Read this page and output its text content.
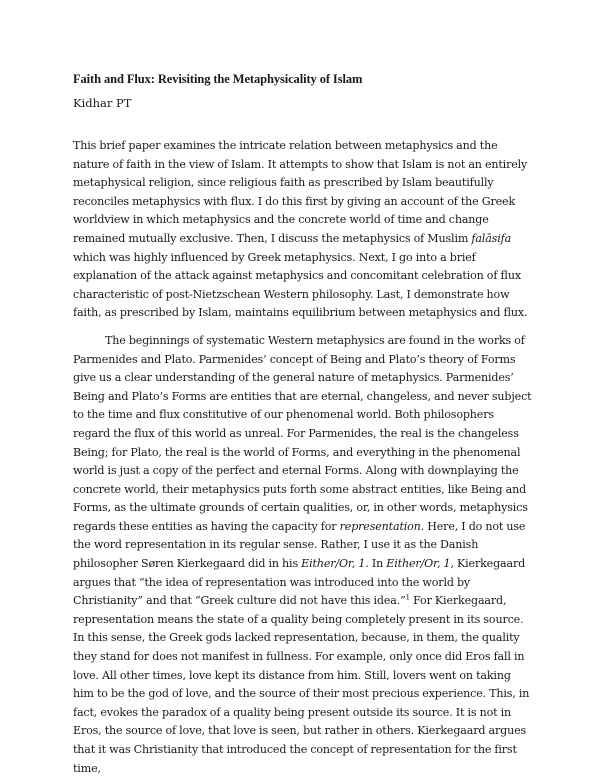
Faith and Flux: Revisiting the Metaphysicality of Islam
Kidhar PT

This brief paper examines the intricate relation between metaphysics and the nature of faith in the view of Islam. It attempts to show that Islam is not an entirely metaphysical religion, since religious faith as prescribed by Islam beautifully reconciles metaphysics with flux. I do this first by giving an account of the Greek worldview in which metaphysics and the concrete world of time and change remained mutually exclusive. Then, I discuss the metaphysics of Muslim falāsifa which was highly influenced by Greek metaphysics. Next, I go into a brief explanation of the attack against metaphysics and concomitant celebration of flux characteristic of post-Nietzschean Western philosophy. Last, I demonstrate how faith, as prescribed by Islam, maintains equilibrium between metaphysics and flux.

The beginnings of systematic Western metaphysics are found in the works of Parmenides and Plato. Parmenides’ concept of Being and Plato’s theory of Forms give us a clear understanding of the general nature of metaphysics. Parmenides’ Being and Plato’s Forms are entities that are eternal, changeless, and never subject to the time and flux constitutive of our phenomenal world. Both philosophers regard the flux of this world as unreal. For Parmenides, the real is the changeless Being; for Plato, the real is the world of Forms, and everything in the phenomenal world is just a copy of the perfect and eternal Forms. Along with downplaying the concrete world, their metaphysics puts forth some abstract entities, like Being and Forms, as the ultimate grounds of certain qualities, or, in other words, metaphysics regards these entities as having the capacity for representation. Here, I do not use the word representation in its regular sense. Rather, I use it as the Danish philosopher Søren Kierkegaard did in his Either/Or, 1. In Either/Or, 1, Kierkegaard argues that “the idea of representation was introduced into the world by Christianity” and that “Greek culture did not have this idea.”$^1$ For Kierkegaard, representation means the state of a quality being completely present in its source. In this sense, the Greek gods lacked representation, because, in them, the quality they stand for does not manifest in fullness. For example, only once did Eros fall in love. All other times, love kept its distance from him. Still, lovers went on taking him to be the god of love, and the source of their most precious experience. This, in fact, evokes the paradox of a quality being present outside its source. It is not in Eros, the source of love, that love is seen, but rather in others. Kierkegaard argues that it was Christianity that introduced the concept of representation for the first time,
